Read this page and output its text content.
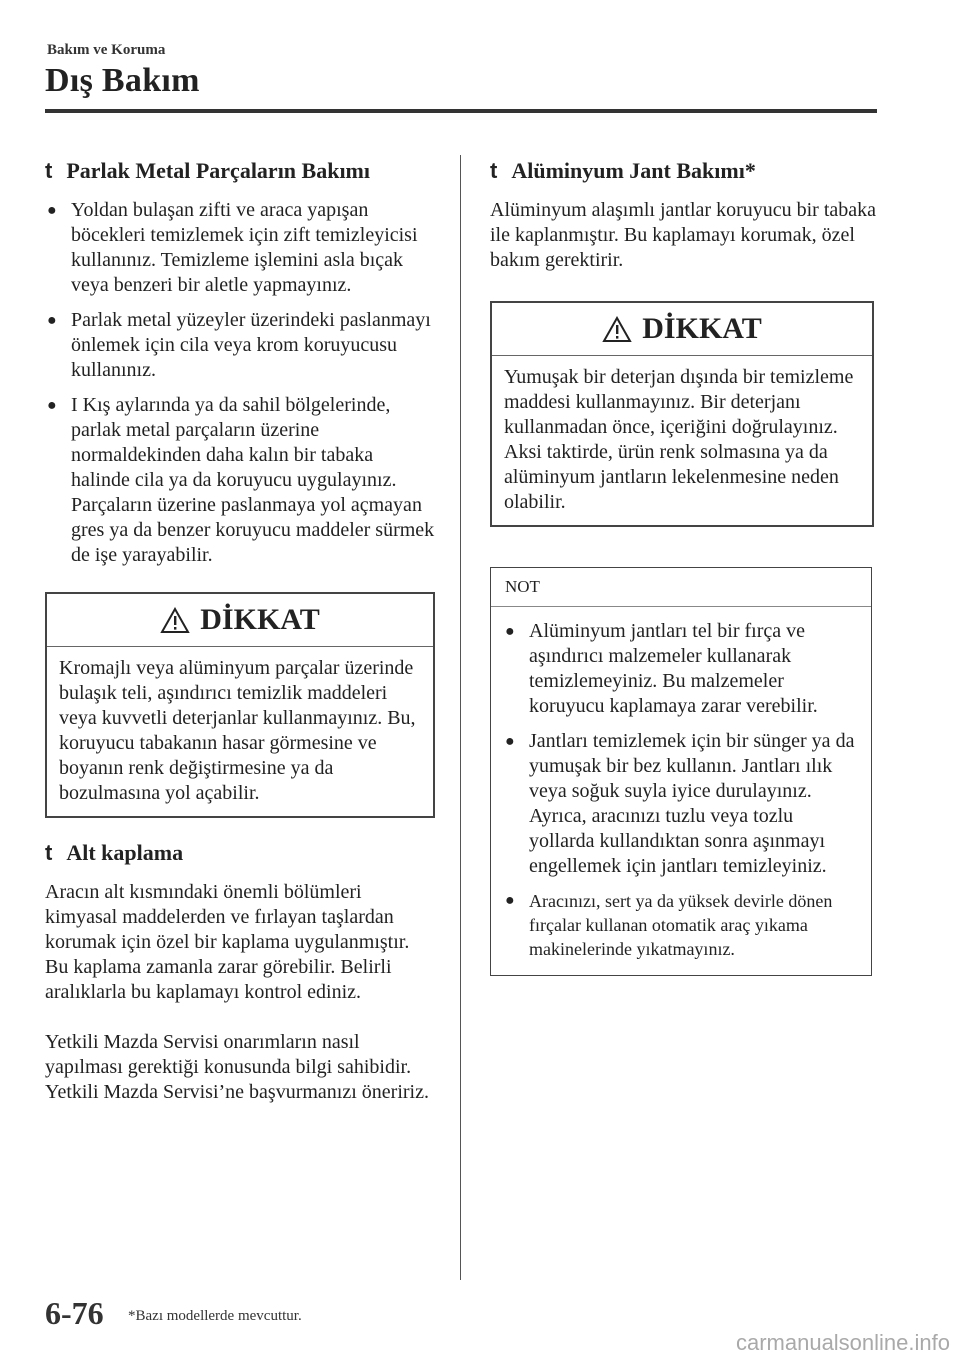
Bakım ve Koruma
Dış Bakım
t Parlak Metal Parçaların Bakımı
● Yoldan bulaşan zifti ve araca yapışan böcekleri temizlemek için zift temizleyicisi kullanınız. Temizleme işlemini asla bıçak veya benzeri bir aletle yapmayınız.
● Parlak metal yüzeyler üzerindeki paslanmayı önlemek için cila veya krom koruyucusu kullanınız.
● I Kış aylarında ya da sahil bölgelerinde, parlak metal parçaların üzerine normaldekinden daha kalın bir tabaka halinde cila ya da koruyucu uygulayınız. Parçaların üzerine paslanmaya yol açmayan gres ya da benzer koruyucu maddeler sürmek de işe yarayabilir.
DİKKAT
Kromajlı veya alüminyum parçalar üzerinde bulaşık teli, aşındırıcı temizlik maddeleri veya kuvvetli deterjanlar kullanmayınız. Bu, koruyucu tabakanın hasar görmesine ve boyanın renk değiştirmesine ya da bozulmasına yol açabilir.
t Alt kaplama

Aracın alt kısmındaki önemli bölümleri kimyasal maddelerden ve fırlayan taşlardan korumak için özel bir kaplama uygulanmıştır. Bu kaplama zamanla zarar görebilir. Belirli aralıklarla bu kaplamayı kontrol ediniz.

Yetkili Mazda Servisi onarımların nasıl yapılması gerektiği konusunda bilgi sahibidir. Yetkili Mazda Servisi’ne başvurmanızı öneririz.

t Alüminyum Jant Bakımı*

Alüminyum alaşımlı jantlar koruyucu bir tabaka ile kaplanmıştır. Bu kaplamayı korumak, özel bakım gerektirir.

DİKKAT
Yumuşak bir deterjan dışında bir temizleme maddesi kullanmayınız. Bir deterjanı kullanmadan önce, içeriğini doğrulayınız. Aksi taktirde, ürün renk solmasına ya da alüminyum jantların lekelenmesine neden olabilir.
NOT
● Alüminyum jantları tel bir fırça ve aşındırıcı malzemeler kullanarak temizlemeyiniz. Bu malzemeler koruyucu kaplamaya zarar verebilir.
● Jantları temizlemek için bir sünger ya da yumuşak bir bez kullanın. Jantları ılık veya soğuk suyla iyice durulayınız. Ayrıca, aracınızı tuzlu veya tozlu yollarda kullandıktan sonra aşınmayı engellemek için jantları temizleyiniz.
● Aracınızı, sert ya da yüksek devirle dönen fırçalar kullanan otomatik araç yıkama makinelerinde yıkatmayınız.
6-76 *Bazı modellerde mevcuttur.
carmanualsonline.info
